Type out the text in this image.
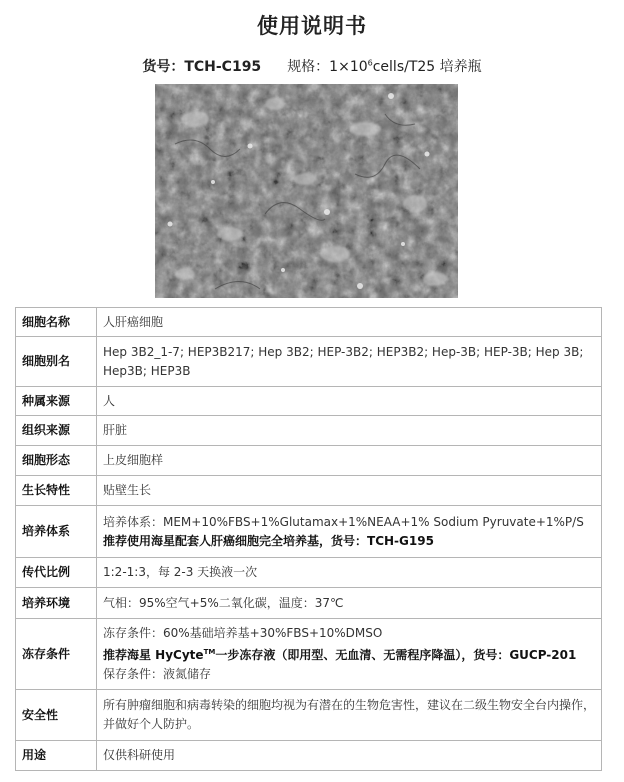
使用说明书
货号：TCH-C195 规格：$1\times 10^6cells/T25$ 培养瓶
细胞名称	人肝癌细胞
细胞别名	Hep 3B2_1-7; HEP3B217; Hep 3B2; HEP-3B2; HEP3B2; Hep-3B; HEP-3B; Hep 3B; Hep3B; HEP3B
种属来源	人
组织来源	肝脏
细胞形态	上皮细胞样
生长特性	贴壁生长
培养体系	培养体系：MEM+10%FBS+1%Glutamax+1%NEAA+1% Sodium Pyruvate+1%P/S
推荐使用海星配套人肝癌细胞完全培养基，货号：TCH-G195

传代比例	1:2-1:3，每 2-3 天换液一次
培养环境	气相：95%空气+5%二氧化碳，温度：37℃
冻存条件	冻存条件：60%基础培养基+30%FBS+10%DMSO
推荐海星 HyCyte™一步冻存液（即用型、无血清、无需程序降温），货号：GUCP-201
保存条件：液氮储存

安全性	所有肿瘤细胞和病毒转染的细胞均视为有潜在的生物危害性，建议在二级生物安全台内操作，并做好个人防护。
用途	仅供科研使用
